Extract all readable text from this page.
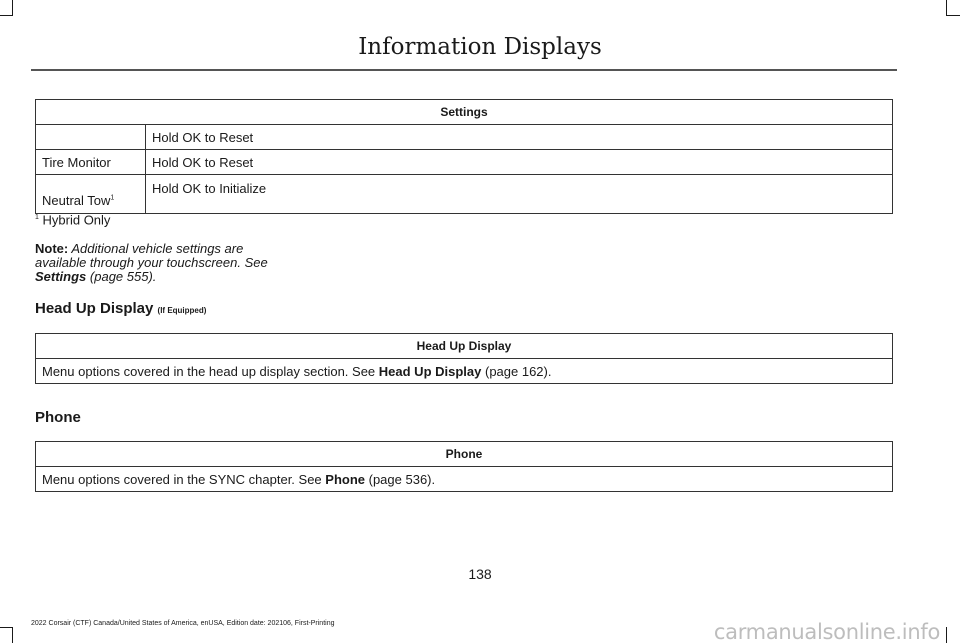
Information Displays
Settings	
	Hold OK to Reset
Tire Monitor	Hold OK to Reset
Neutral Tow$^1$	Hold OK to Initialize
$^1$ Hybrid Only
Note: Additional vehicle settings are
available through your touchscreen. See
Settings (page 555).
Head Up Display (If Equipped)
Head Up Display
Menu options covered in the head up display section. See Head Up Display (page 162).
Phone
Phone
Menu options covered in the SYNC chapter. See Phone (page 536).
138
2022 Corsair (CTF) Canada/United States of America, enUSA, Edition date: 202106, First-Printing	carmanualsonline.info
